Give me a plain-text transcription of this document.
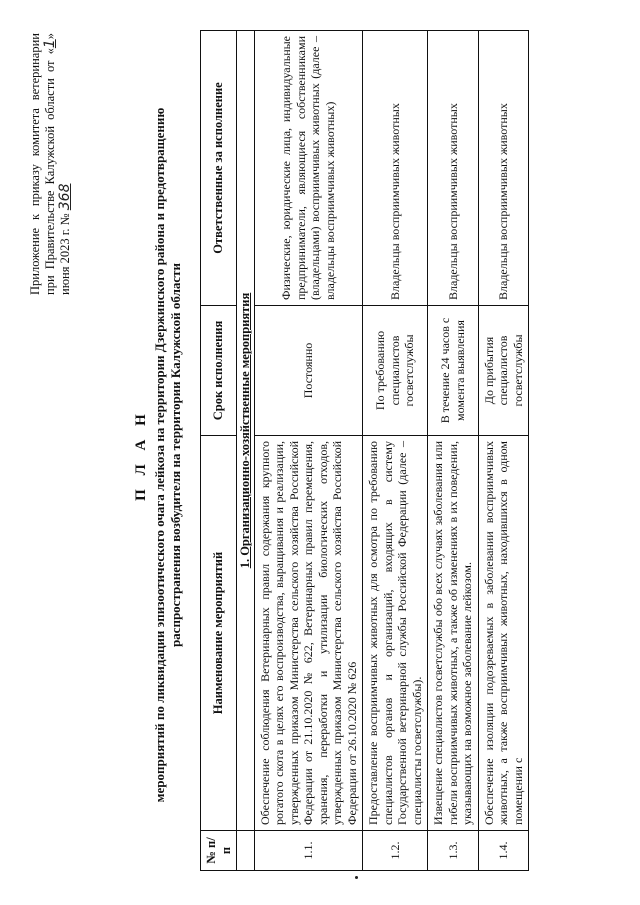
Приложение к приказу комитета ветеринарии при Правительстве Калужской области от «1» июня 2023 г. № 368
П Л А Н мероприятий по ликвидации эпизоотического очага лейкоза на территории Дзержинского района и предотвращению распространения возбудителя на территории Калужской области
№ п/п	Наименование мероприятий	Срок исполнения	Ответственные за исполнение
	1. Организационно-хозяйственные мероприятия		
1.1.	Обеспечение соблюдения Ветеринарных правил содержания крупного рогатого скота в целях его воспроизводства, выращивания и реализации, утвержденных приказом Министерства сельского хозяйства Российской Федерации от 21.10.2020 № 622, Ветеринарных правил перемещения, хранения, переработки и утилизации биологических отходов, утвержденных приказом Министерства сельского хозяйства Российской Федерации от 26.10.2020 № 626	Постоянно	Физические, юридические лица, индивидуальные предприниматели, являющиеся собственниками (владельцами) восприимчивых животных (далее – владельцы восприимчивых животных)
1.2.	Предоставление восприимчивых животных для осмотра по требованию специалистов органов и организаций, входящих в систему Государственной ветеринарной службы Российской Федерации (далее – специалисты госветслужбы).	По требованию специалистов госветслужбы	Владельцы восприимчивых животных
1.3.	Извещение специалистов госветслужбы обо всех случаях заболевания или гибели восприимчивых животных, а также об изменениях в их поведении, указывающих на возможное заболевание лейкозом.	В течение 24 часов с момента выявления	Владельцы восприимчивых животных
1.4.	Обеспечение изоляции подозреваемых в заболевании восприимчивых животных, а также восприимчивых животных, находившихся в одном помещении с	До прибытия специалистов госветслужбы	Владельцы восприимчивых животных
